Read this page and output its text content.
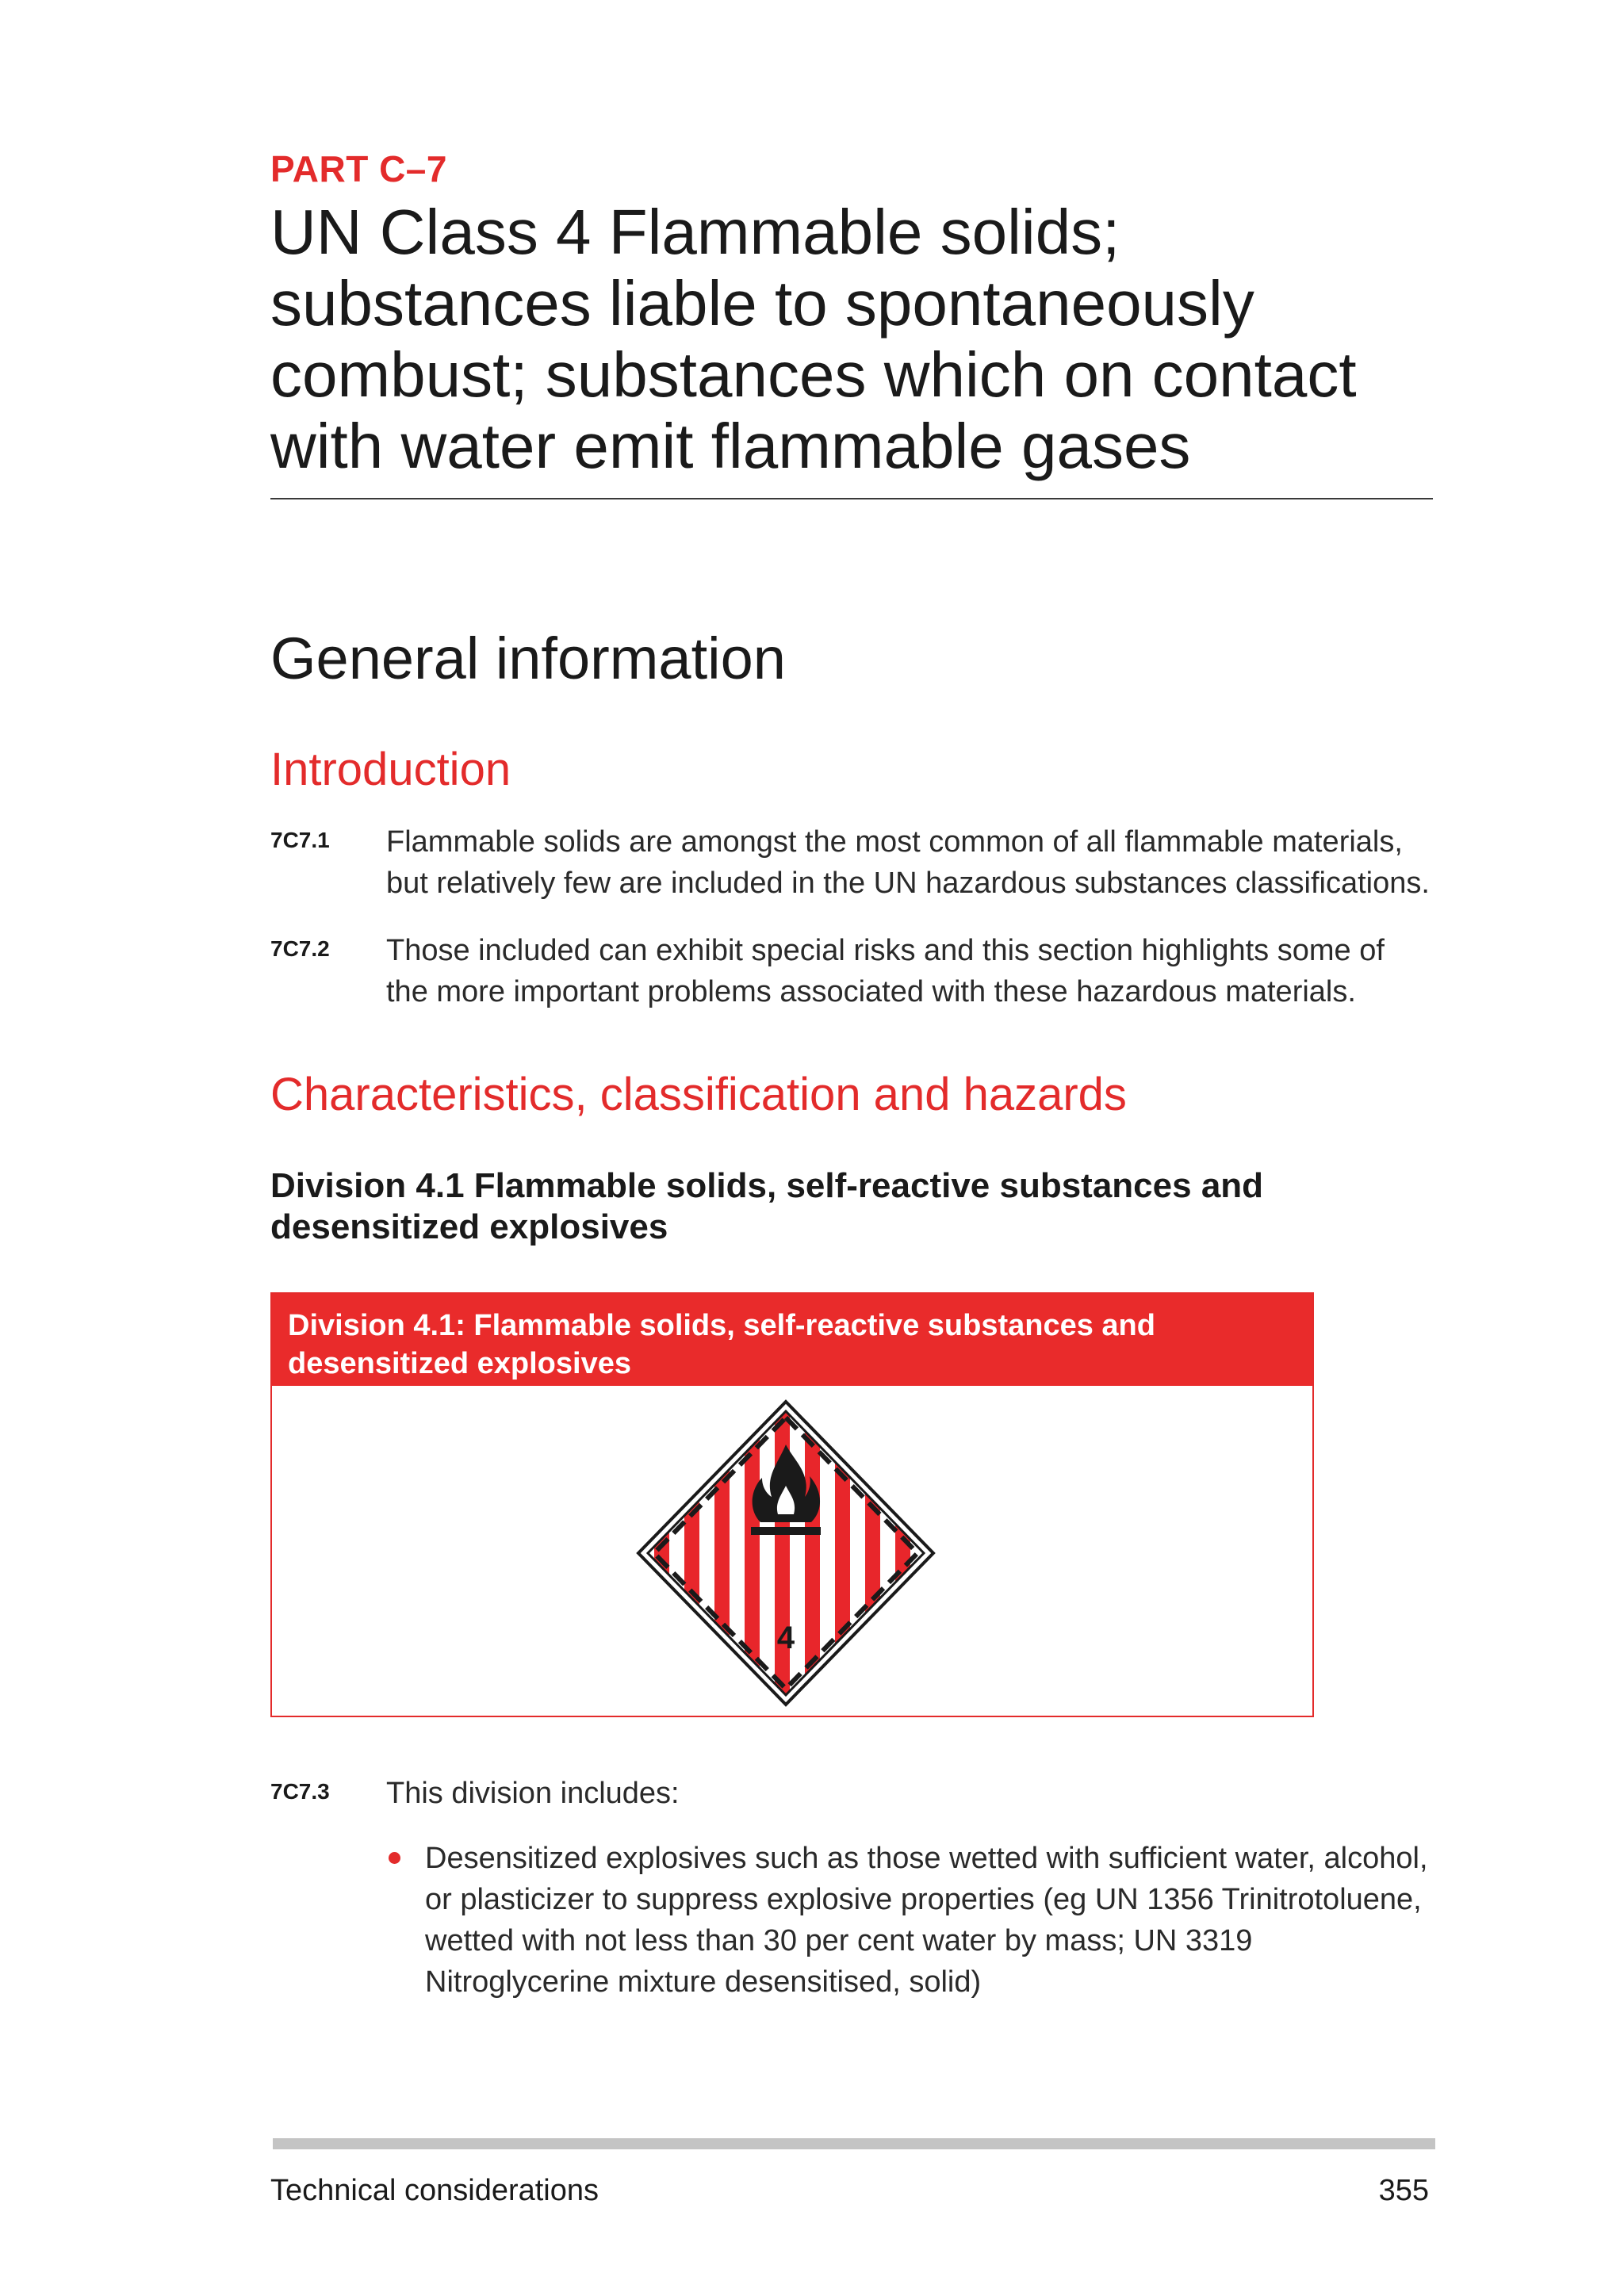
PART C–7
UN Class 4 Flammable solids; substances liable to spontaneously combust; substances which on contact with water emit flammable gases
General information
Introduction
7C7.1 Flammable solids are amongst the most common of all flammable materials, but relatively few are included in the UN hazardous substances classifications.
7C7.2 Those included can exhibit special risks and this section highlights some of the more important problems associated with these hazardous materials.
Characteristics, classification and hazards
Division 4.1 Flammable solids, self-reactive substances and desensitized explosives
Division 4.1: Flammable solids, self-reactive substances and desensitized explosives
4
7C7.3 This division includes:
Desensitized explosives such as those wetted with sufficient water, alcohol, or plasticizer to suppress explosive properties (eg UN 1356 Trinitrotoluene, wetted with not less than 30 per cent water by mass; UN 3319 Nitroglycerine mixture desensitised, solid)
Technical considerations	355
